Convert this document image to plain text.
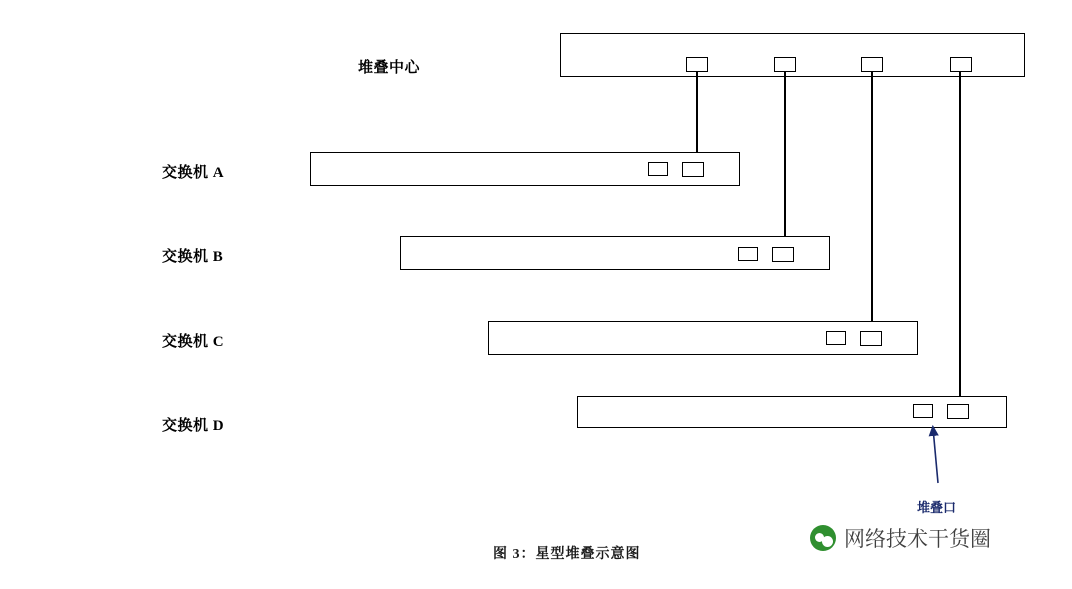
堆叠中心
交换机 A
交换机 B
交换机 C
交换机 D
堆叠口
图 3：星型堆叠示意图
网络技术干货圈
